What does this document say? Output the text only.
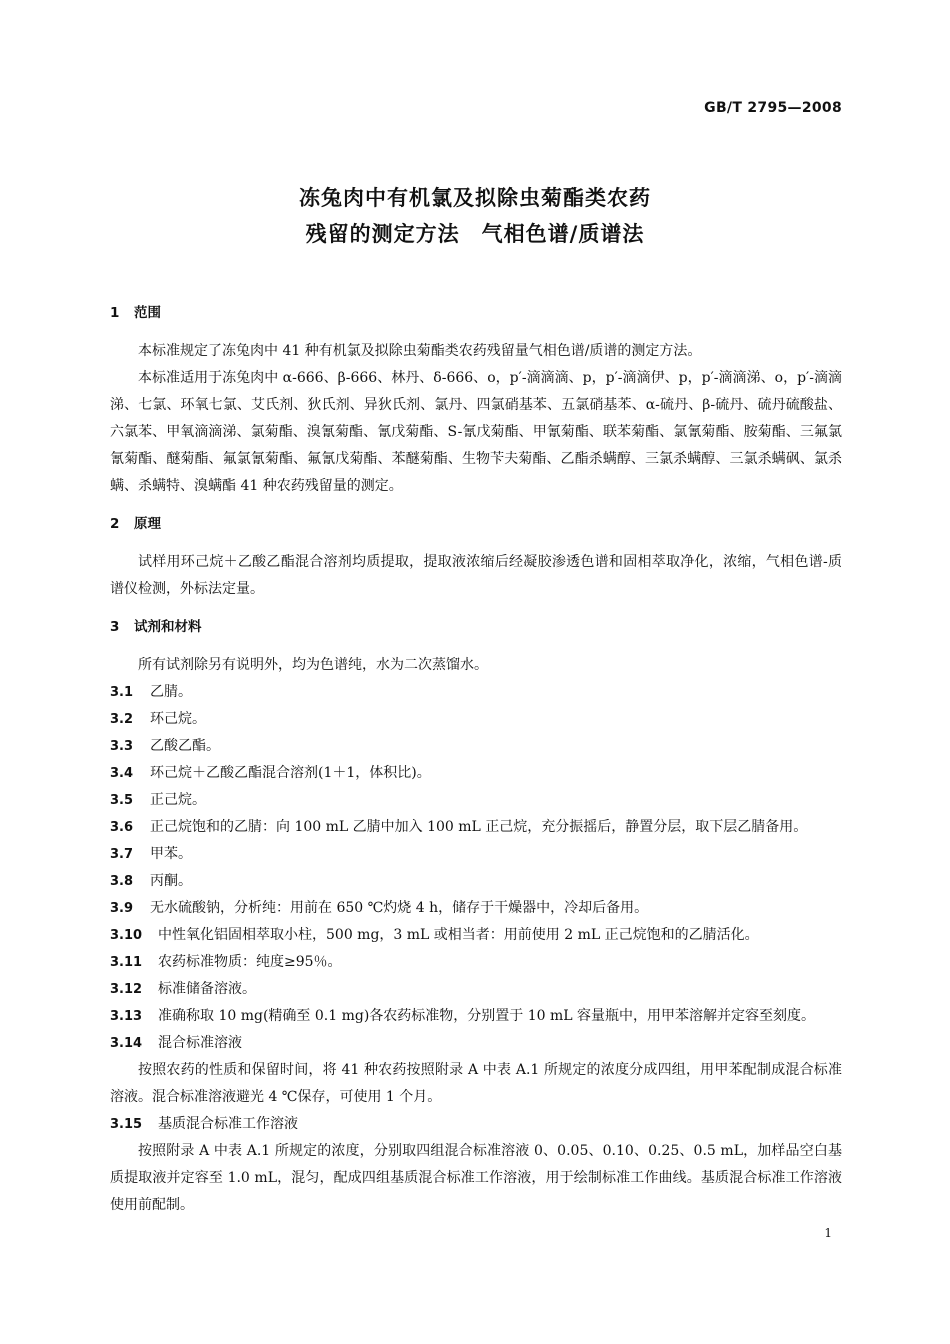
GB/T 2795—2008
冻兔肉中有机氯及拟除虫菊酯类农药
残留的测定方法　气相色谱/质谱法
1 范围

本标准规定了冻兔肉中 41 种有机氯及拟除虫菊酯类农药残留量气相色谱/质谱的测定方法。

本标准适用于冻兔肉中 α-666、β-666、林丹、δ-666、o，p′-滴滴滴、p，p′-滴滴伊、p，p′-滴滴涕、o，p′-滴滴涕、七氯、环氧七氯、艾氏剂、狄氏剂、异狄氏剂、氯丹、四氯硝基苯、五氯硝基苯、α-硫丹、β-硫丹、硫丹硫酸盐、六氯苯、甲氧滴滴涕、氯菊酯、溴氰菊酯、氰戊菊酯、S-氰戊菊酯、甲氰菊酯、联苯菊酯、氯氰菊酯、胺菊酯、三氟氯氰菊酯、醚菊酯、氟氯氰菊酯、氟氰戊菊酯、苯醚菊酯、生物苄夫菊酯、乙酯杀螨醇、三氯杀螨醇、三氯杀螨砜、氯杀螨、杀螨特、溴螨酯 41 种农药残留量的测定。

2 原理

试样用环己烷＋乙酸乙酯混合溶剂均质提取，提取液浓缩后经凝胶渗透色谱和固相萃取净化，浓缩，气相色谱-质谱仪检测，外标法定量。

3 试剂和材料

所有试剂除另有说明外，均为色谱纯，水为二次蒸馏水。

3.1 乙腈。

3.2 环己烷。

3.3 乙酸乙酯。

3.4 环己烷＋乙酸乙酯混合溶剂(1＋1，体积比)。

3.5 正己烷。

3.6 正己烷饱和的乙腈：向 100 mL 乙腈中加入 100 mL 正己烷，充分振摇后，静置分层，取下层乙腈备用。

3.7 甲苯。

3.8 丙酮。

3.9 无水硫酸钠，分析纯：用前在 650 ℃灼烧 4 h，储存于干燥器中，冷却后备用。

3.10 中性氧化铝固相萃取小柱，500 mg，3 mL 或相当者：用前使用 2 mL 正己烷饱和的乙腈活化。

3.11 农药标准物质：纯度≥95％。

3.12 标准储备溶液。

3.13 准确称取 10 mg(精确至 0.1 mg)各农药标准物，分别置于 10 mL 容量瓶中，用甲苯溶解并定容至刻度。

3.14 混合标准溶液

按照农药的性质和保留时间，将 41 种农药按照附录 A 中表 A.1 所规定的浓度分成四组，用甲苯配制成混合标准溶液。混合标准溶液避光 4 ℃保存，可使用 1 个月。

3.15 基质混合标准工作溶液

按照附录 A 中表 A.1 所规定的浓度，分别取四组混合标准溶液 0、0.05、0.10、0.25、0.5 mL，加样品空白基质提取液并定容至 1.0 mL，混匀，配成四组基质混合标准工作溶液，用于绘制标准工作曲线。基质混合标准工作溶液使用前配制。

1
